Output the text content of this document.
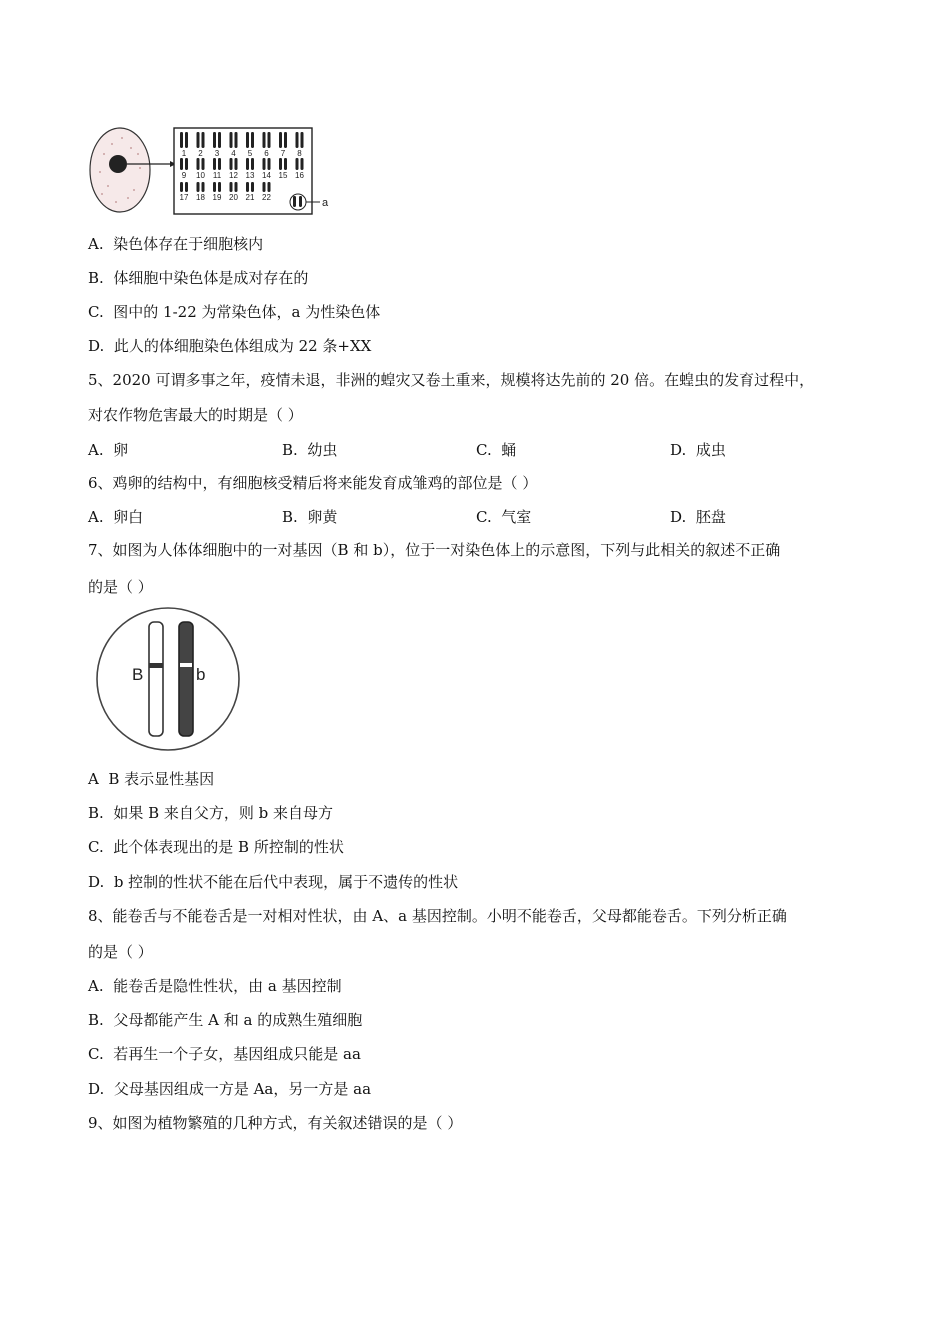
1 2 3 4 5 6 7 8
9 10 11 12 13 14 15 16
17 18 19 20 21 22	a
A. 染色体存在于细胞核内
B. 体细胞中染色体是成对存在的
C. 图中的 1-22 为常染色体，a 为性染色体
D. 此人的体细胞染色体组成为 22 条+XX
5、2020 可谓多事之年，疫情未退，非洲的蝗灾又卷土重来，规模将达先前的 20 倍。在蝗虫的发育过程中，
对农作物危害最大的时期是（ ）
A. 卵	B. 幼虫	C. 蛹	D. 成虫
6、鸡卵的结构中，有细胞核受精后将来能发育成雏鸡的部位是（ ）
A. 卵白	B. 卵黄	C. 气室	D. 胚盘
7、如图为人体体细胞中的一对基因（B 和 b），位于一对染色体上的示意图，下列与此相关的叙述不正确
的是（ ）
B	b
A B 表示显性基因
B. 如果 B 来自父方，则 b 来自母方
C. 此个体表现出的是 B 所控制的性状
D. b 控制的性状不能在后代中表现，属于不遗传的性状
8、能卷舌与不能卷舌是一对相对性状，由 A、a 基因控制。小明不能卷舌，父母都能卷舌。下列分析正确
的是（ ）
A. 能卷舌是隐性性状，由 a 基因控制
B. 父母都能产生 A 和 a 的成熟生殖细胞
C. 若再生一个子女，基因组成只能是 aa
D. 父母基因组成一方是 Aa，另一方是 aa
9、如图为植物繁殖的几种方式，有关叙述错误的是（ ）
